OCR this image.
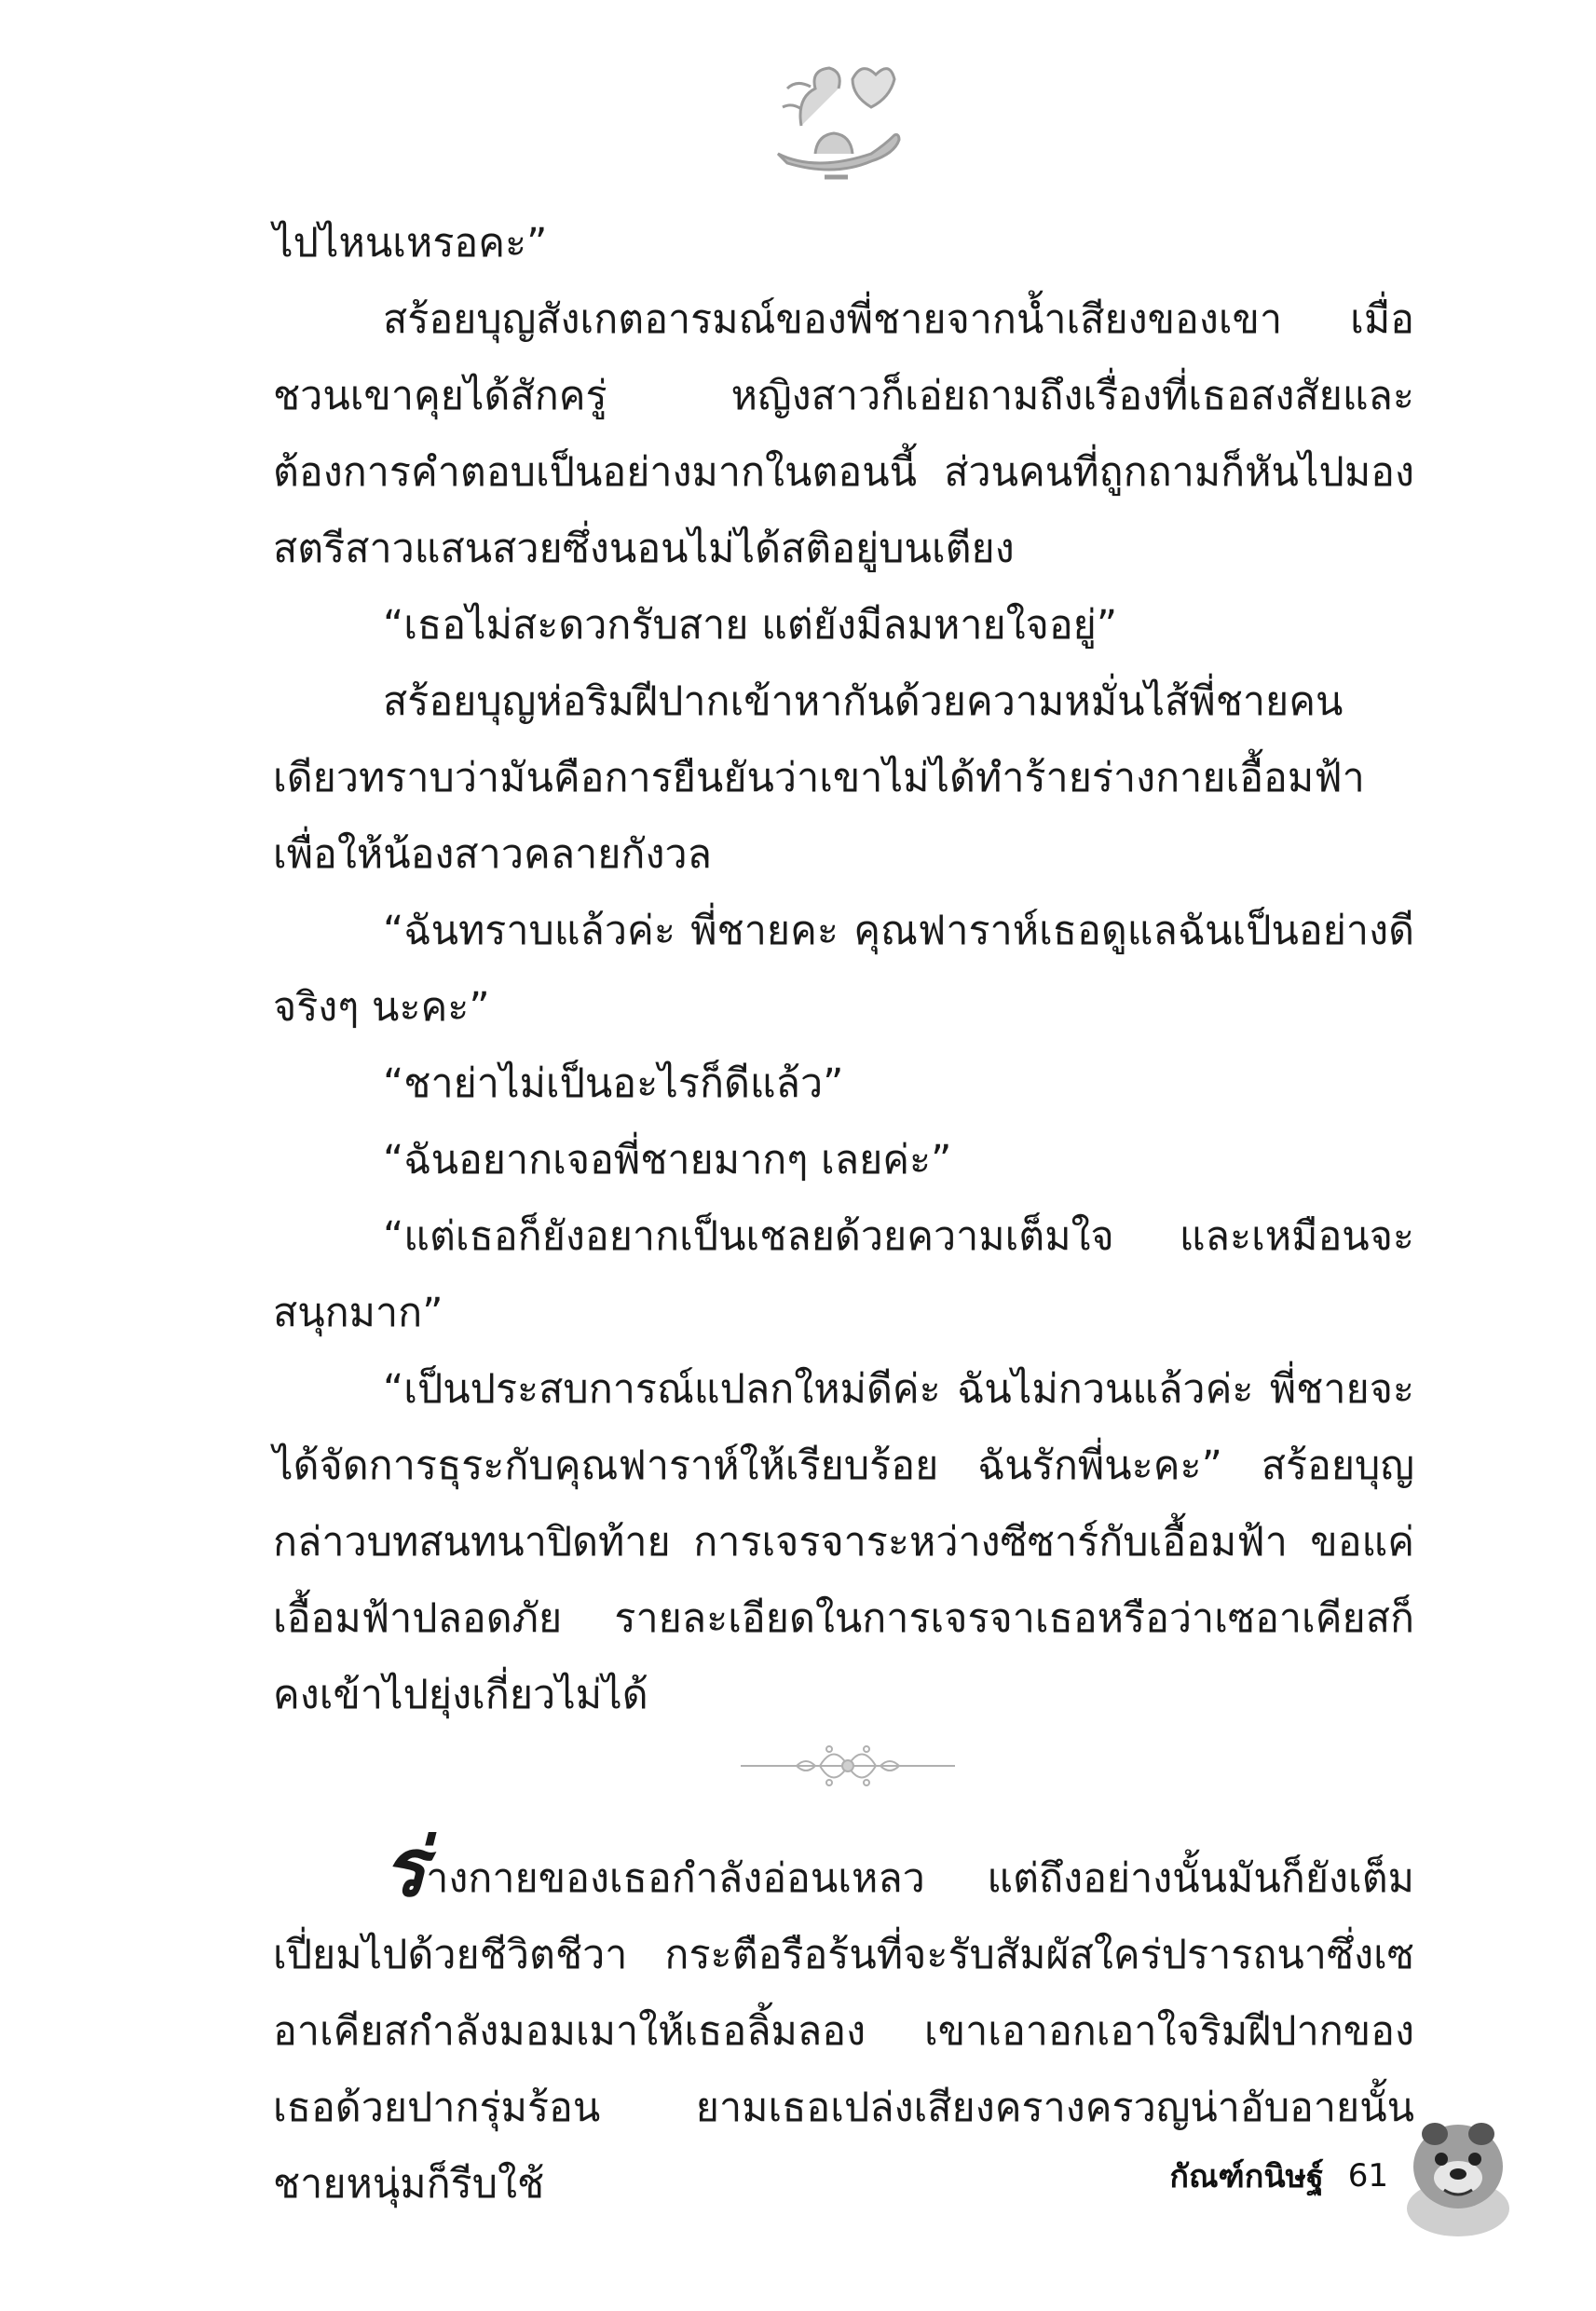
ไปไหนเหรอคะ”

สร้อยบุญสังเกตอารมณ์ของพี่ชายจากน้ำเสียงของเขา เมื่อชวนเขาคุยได้สักครู่ หญิงสาวก็เอ่ยถามถึงเรื่องที่เธอสงสัยและต้องการคำตอบเป็นอย่างมากในตอนนี้ ส่วนคนที่ถูกถามก็หันไปมองสตรีสาวแสนสวยซึ่งนอนไม่ได้สติอยู่บนเตียง

“เธอไม่สะดวกรับสาย แต่ยังมีลมหายใจอยู่”

สร้อยบุญห่อริมฝีปากเข้าหากันด้วยความหมั่นไส้พี่ชายคนเดียวทราบว่ามันคือการยืนยันว่าเขาไม่ได้ทำร้ายร่างกายเอื้อมฟ้าเพื่อให้น้องสาวคลายกังวล

“ฉันทราบแล้วค่ะ พี่ชายคะ คุณฟาราห์เธอดูแลฉันเป็นอย่างดีจริงๆ นะคะ”

“ชาย่าไม่เป็นอะไรก็ดีแล้ว”

“ฉันอยากเจอพี่ชายมากๆ เลยค่ะ”

“แต่เธอก็ยังอยากเป็นเชลยด้วยความเต็มใจ และเหมือนจะสนุกมาก”

“เป็นประสบการณ์แปลกใหม่ดีค่ะ ฉันไม่กวนแล้วค่ะ พี่ชายจะได้จัดการธุระกับคุณฟาราห์ให้เรียบร้อย ฉันรักพี่นะคะ” สร้อยบุญกล่าวบทสนทนาปิดท้าย การเจรจาระหว่างซีซาร์กับเอื้อมฟ้า ขอแค่เอื้อมฟ้าปลอดภัย รายละเอียดในการเจรจาเธอหรือว่าเซอาเคียสก็คงเข้าไปยุ่งเกี่ยวไม่ได้

ร่างกายของเธอกำลังอ่อนเหลว แต่ถึงอย่างนั้นมันก็ยังเต็มเปี่ยมไปด้วยชีวิตชีวา กระตือรือร้นที่จะรับสัมผัสใคร่ปรารถนาซึ่งเซอาเคียสกำลังมอมเมาให้เธอลิ้มลอง เขาเอาอกเอาใจริมฝีปากของเธอด้วยปากรุ่มร้อน ยามเธอเปล่งเสียงครางครวญน่าอับอายนั้น ชายหนุ่มก็รีบใช้	กัณฑ์กนิษฐ์ 61
